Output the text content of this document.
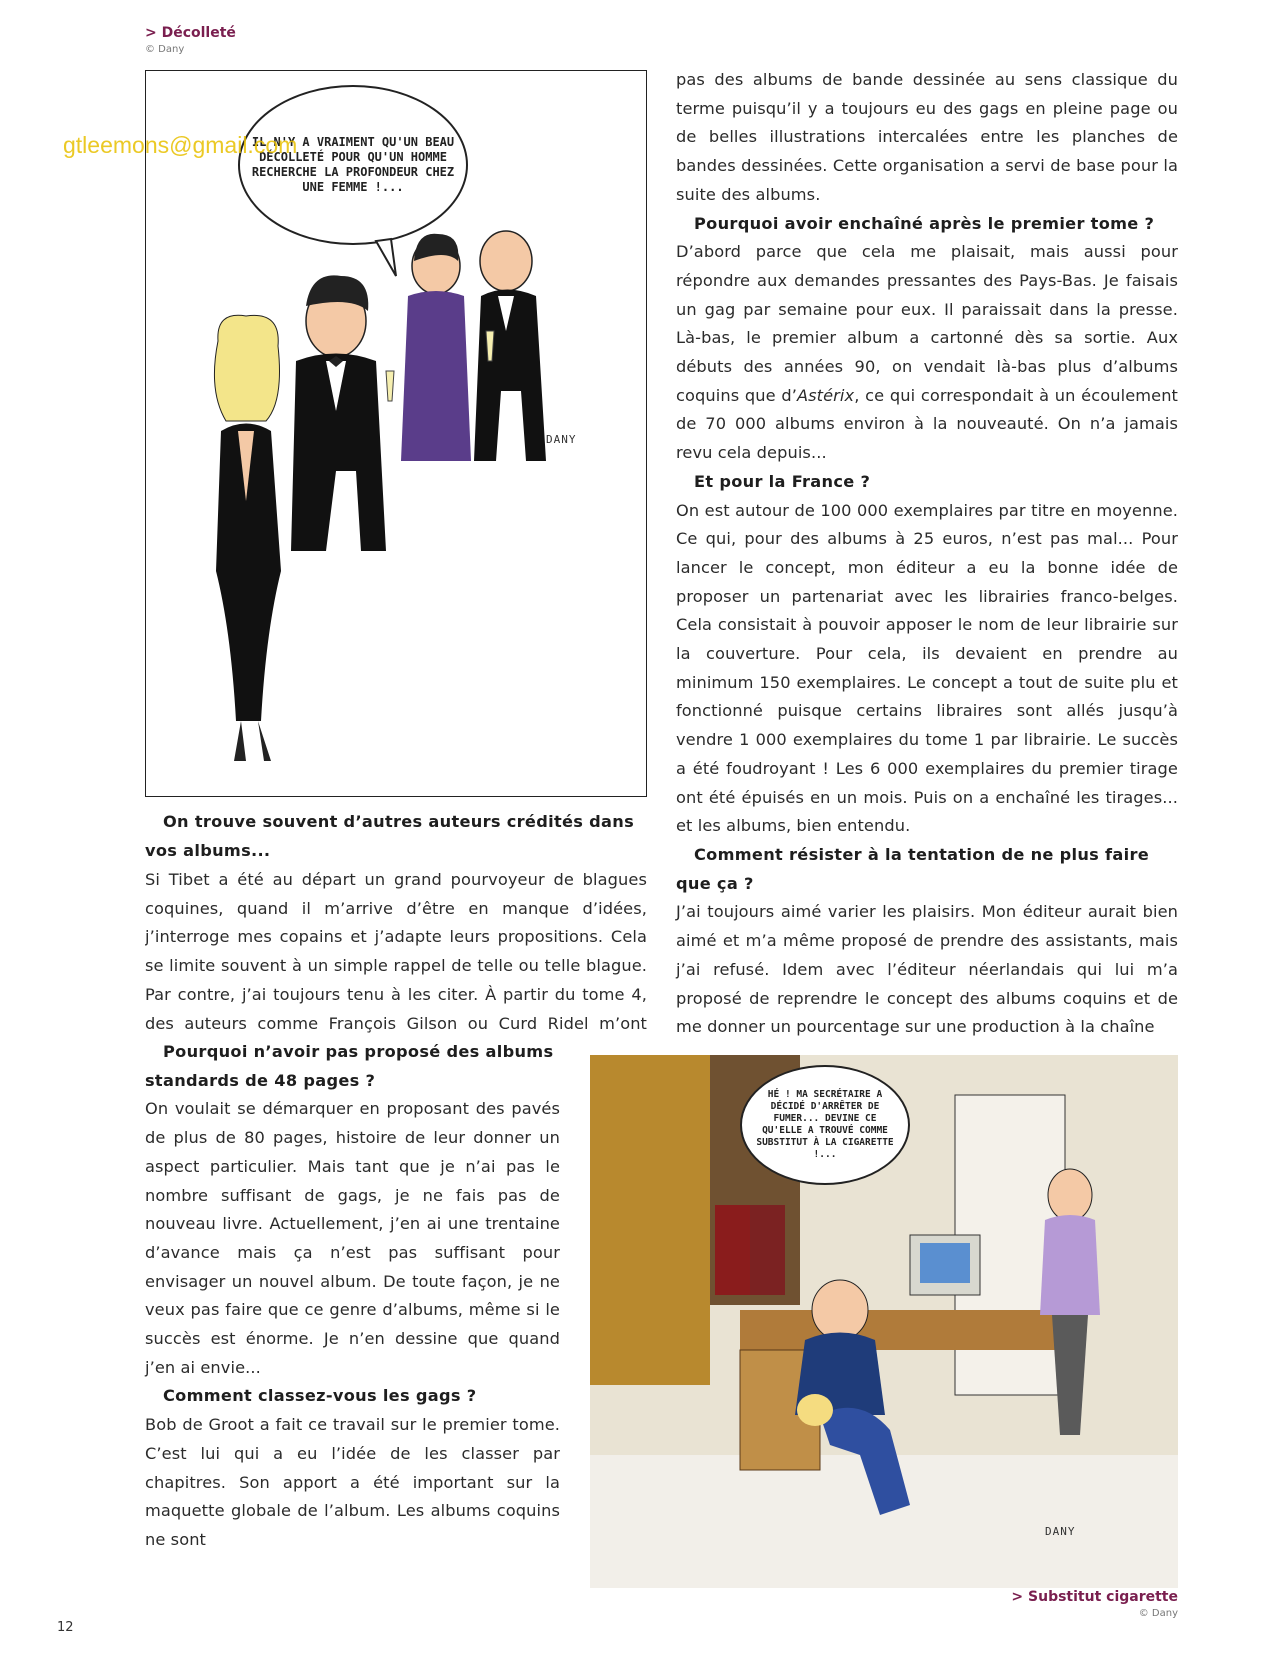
> Décolleté
© Dany
IL N'Y A VRAIMENT QU'UN BEAU DÉCOLLETÉ POUR QU'UN HOMME RECHERCHE LA PROFONDEUR CHEZ UNE FEMME !...
DANY
gtleemons@gmail.com

pas des albums de bande dessinée au sens classique du terme puisqu’il y a toujours eu des gags en pleine page ou de belles illustrations intercalées entre les planches de bandes dessinées. Cette organisation a servi de base pour la suite des albums.

Pourquoi avoir enchaîné après le premier tome ?

D’abord parce que cela me plaisait, mais aussi pour répondre aux demandes pressantes des Pays-Bas. Je faisais un gag par semaine pour eux. Il paraissait dans la presse. Là-bas, le premier album a cartonné dès sa sortie. Aux débuts des années 90, on vendait là-bas plus d’albums coquins que d’Astérix, ce qui correspondait à un écoulement de 70 000 albums environ à la nouveauté. On n’a jamais revu cela depuis...

Et pour la France ?

On est autour de 100 000 exemplaires par titre en moyenne. Ce qui, pour des albums à 25 euros, n’est pas mal... Pour lancer le concept, mon éditeur a eu la bonne idée de proposer un partenariat avec les librairies franco-belges. Cela consistait à pouvoir apposer le nom de leur librairie sur la couverture. Pour cela, ils devaient en prendre au minimum 150 exemplaires. Le concept a tout de suite plu et fonctionné puisque certains libraires sont allés jusqu’à vendre 1 000 exemplaires du tome 1 par librairie. Le succès a été foudroyant ! Les 6 000 exemplaires du premier tirage ont été épuisés en un mois. Puis on a enchaîné les tirages... et les albums, bien entendu.

Comment résister à la tentation de ne plus faire que ça ?

J’ai toujours aimé varier les plaisirs. Mon éditeur aurait bien aimé et m’a même proposé de prendre des assistants, mais j’ai refusé. Idem avec l’éditeur néerlandais qui lui m’a proposé de reprendre le concept des albums coquins et de me donner un pourcentage sur une production à la chaîne

On trouve souvent d’autres auteurs crédités dans vos albums...

Si Tibet a été au départ un grand pourvoyeur de blagues coquines, quand il m’arrive d’être en manque d’idées, j’interroge mes copains et j’adapte leurs propositions. Cela se limite souvent à un simple rappel de telle ou telle blague. Par contre, j’ai toujours tenu à les citer. À partir du tome 4, des auteurs comme François Gilson ou Curd Ridel m’ont

Pourquoi n’avoir pas proposé des albums standards de 48 pages ?

On voulait se démarquer en proposant des pavés de plus de 80 pages, histoire de leur donner un aspect particulier. Mais tant que je n’ai pas le nombre suffisant de gags, je ne fais pas de nouveau livre. Actuellement, j’en ai une trentaine d’avance mais ça n’est pas suffisant pour envisager un nouvel album. De toute façon, je ne veux pas faire que ce genre d’albums, même si le succès est énorme. Je n’en dessine que quand j’en ai envie...

Comment classez-vous les gags ?

Bob de Groot a fait ce travail sur le premier tome. C’est lui qui a eu l’idée de les classer par chapitres. Son apport a été important sur la maquette globale de l’album. Les albums coquins ne sont

HÉ ! MA SECRÉTAIRE A DÉCIDÉ D'ARRÊTER DE FUMER... DEVINE CE QU'ELLE A TROUVÉ COMME SUBSTITUT À LA CIGARETTE !...
DANY
> Substitut cigarette
© Dany
12
